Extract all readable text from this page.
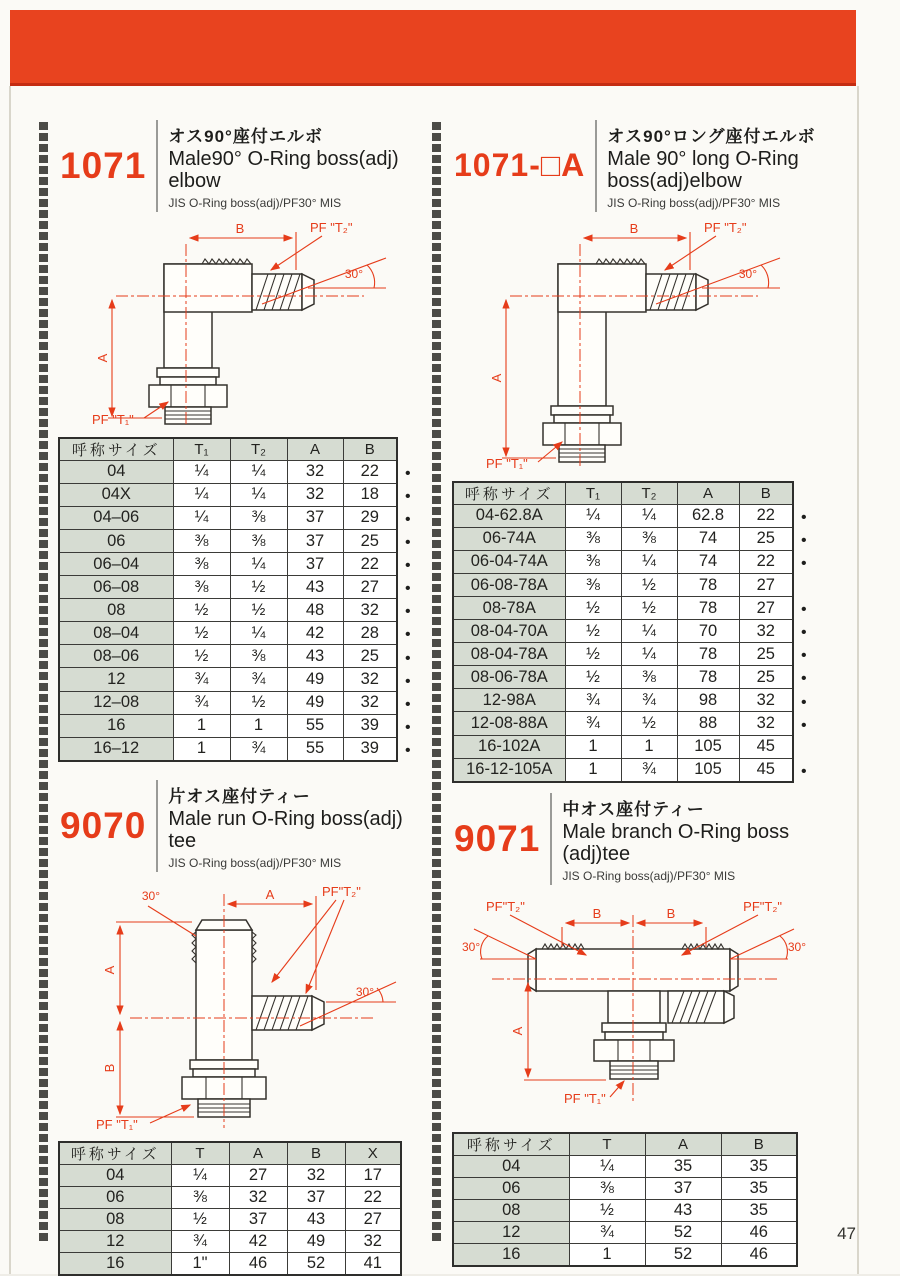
1071
オス90°座付エルボ
Male90° O-Ring boss(adj) elbow
JIS O-Ring boss(adj)/PF30° MIS
B	PF "T₂"
30°
A
PF "T₁"
呼称サイズ	T₁	T₂	A	B
04	¼	¼	32	22
04X	¼	¼	32	18
04–06	¼	⅜	37	29
06	⅜	⅜	37	25
06–04	⅜	¼	37	22
06–08	⅜	½	43	27
08	½	½	48	32
08–04	½	¼	42	28
08–06	½	⅜	43	25
12	¾	¾	49	32
12–08	¾	½	49	32
16	1	1	55	39
16–12	1	¾	55	39
•
•
•
•
•
•
•
•
•
•
•
•
•
9070
片オス座付ティー
Male run O-Ring boss(adj) tee
JIS O-Ring boss(adj)/PF30° MIS
30°	A	PF"T₂"
30°
A
B
PF "T₁"
呼称サイズ	T	A	B	X
04	¼	27	32	17
06	⅜	32	37	22
08	½	37	43	27
12	¾	42	49	32
16	1"	46	52	41
1071-□A
オス90°ロング座付エルボ
Male 90° long O-Ring boss(adj)elbow
JIS O-Ring boss(adj)/PF30° MIS
B	PF "T₂"
30°
A
PF "T₁"
呼称サイズ	T₁	T₂	A	B
04-62.8A	¼	¼	62.8	22
06-74A	⅜	⅜	74	25
06-04-74A	⅜	¼	74	22
06-08-78A	⅜	½	78	27
08-78A	½	½	78	27
08-04-70A	½	¼	70	32
08-04-78A	½	¼	78	25
08-06-78A	½	⅜	78	25
12-98A	¾	¾	98	32
12-08-88A	¾	½	88	32
16-102A	1	1	105	45
16-12-105A	1	¾	105	45
•
•
•
•
•
•
•
•
•
•
9071
中オス座付ティー
Male branch O-Ring boss (adj)tee
JIS O-Ring boss(adj)/PF30° MIS
B	B
PF"T₂"	PF"T₂"
30°	30°
A
PF "T₁"
呼称サイズ	T	A	B
04	¼	35	35
06	⅜	37	35
08	½	43	35
12	¾	52	46
16	1	52	46
47
